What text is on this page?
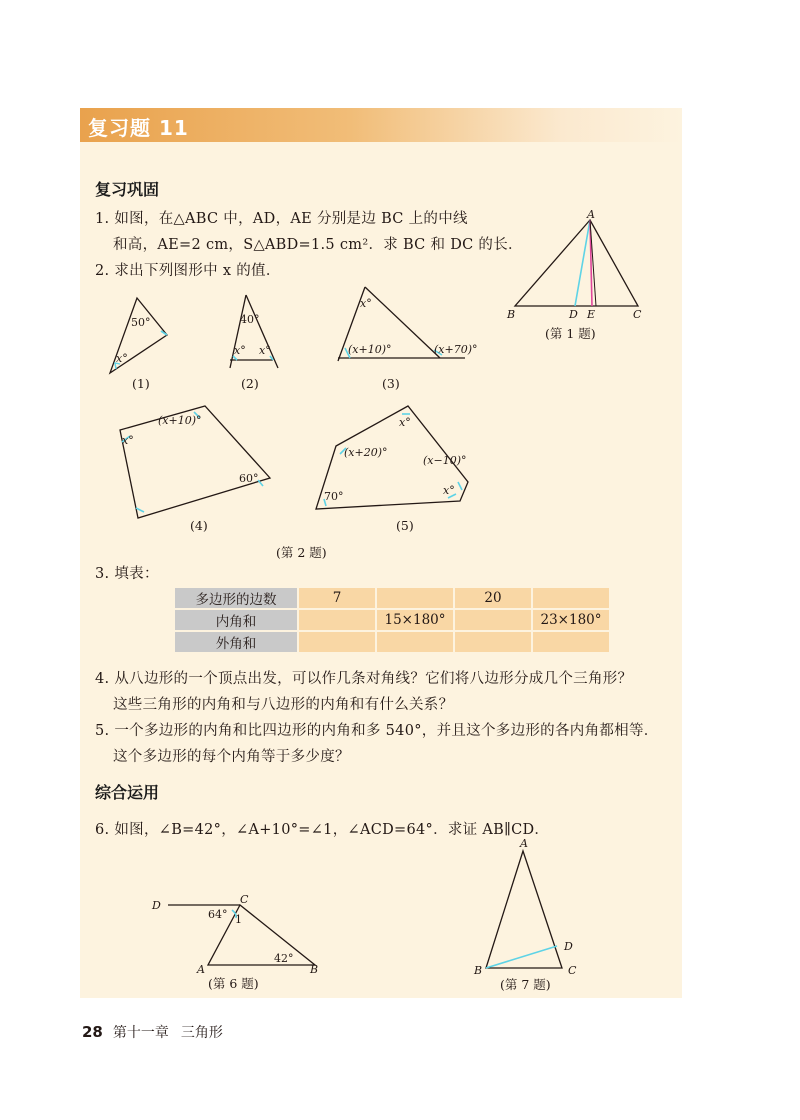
复习题 11
复习巩固
1. 如图，在△ABC 中，AD，AE 分别是边 BC 上的中线
和高，AE=2 cm，S△ABD=1.5 cm²．求 BC 和 DC 的长．
2. 求出下列图形中 x 的值．
A
B	D E	C
(第 1 题)
50°
x°
(1)
40°
x° x°
(2)
x°
(x+10)°	(x+70)°
(3)
(x+10)°
x°
60°
(4)
(x+20)°
x°
(x−10)°
x°
70°
(5)
(第 2 题)
3. 填表：
多边形的边数	7		20	
内角和		15×180°		23×180°
外角和				
4. 从八边形的一个顶点出发，可以作几条对角线？它们将八边形分成几个三角形？
这些三角形的内角和与八边形的内角和有什么关系？
5. 一个多边形的内角和比四边形的内角和多 540°，并且这个多边形的各内角都相等．
这个多边形的每个内角等于多少度？
综合运用
6. 如图，∠B=42°，∠A+10°=∠1，∠ACD=64°．求证 AB∥CD．
D	C
64° 1
42°
A	B
(第 6 题)
A
B
D
C
(第 7 题)
28 第十一章 三角形
